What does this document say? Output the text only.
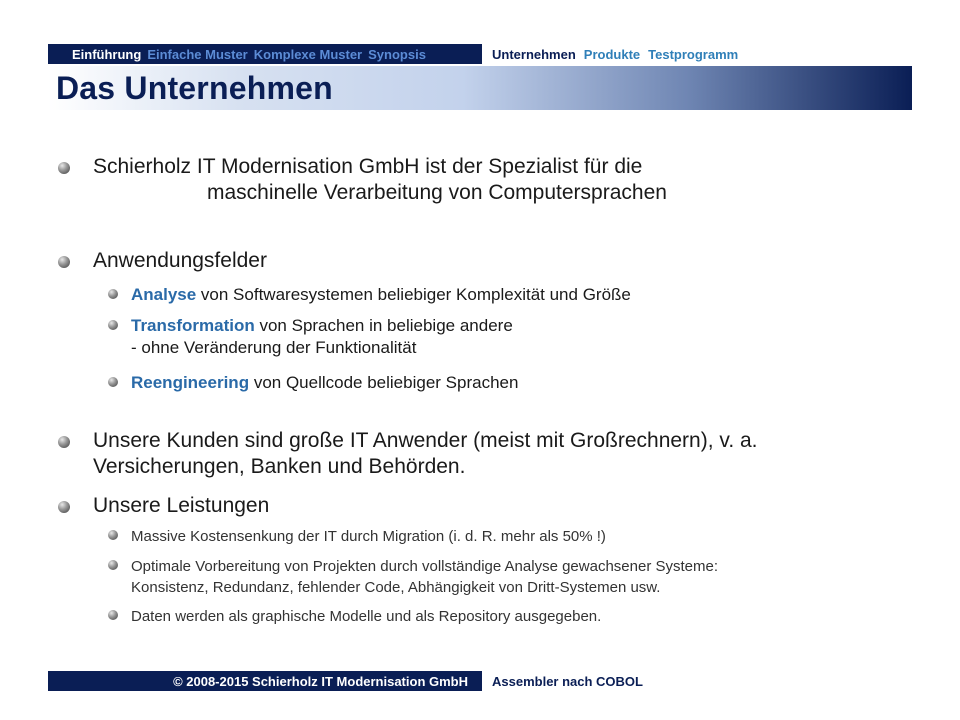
Einführung Einfache Muster Komplexe Muster Synopsis	Unternehmen Produkte Testprogramm
Das Unternehmen
Schierholz IT Modernisation GmbH ist der Spezialist für die
maschinelle Verarbeitung von Computersprachen
Anwendungsfelder
Analyse von Softwaresystemen beliebiger Komplexität und Größe
Transformation von Sprachen in beliebige andere
- ohne Veränderung der Funktionalität
Reengineering von Quellcode beliebiger Sprachen
Unsere Kunden sind große IT Anwender (meist mit Großrechnern), v. a.
Versicherungen, Banken und Behörden.
Unsere Leistungen
Massive Kostensenkung der IT durch Migration (i. d. R. mehr als 50% !)
Optimale Vorbereitung von Projekten durch vollständige Analyse gewachsener Systeme:
Konsistenz, Redundanz, fehlender Code, Abhängigkeit von Dritt-Systemen usw.
Daten werden als graphische Modelle und als Repository ausgegeben.
© 2008-2015 Schierholz IT Modernisation GmbH	Assembler nach COBOL
